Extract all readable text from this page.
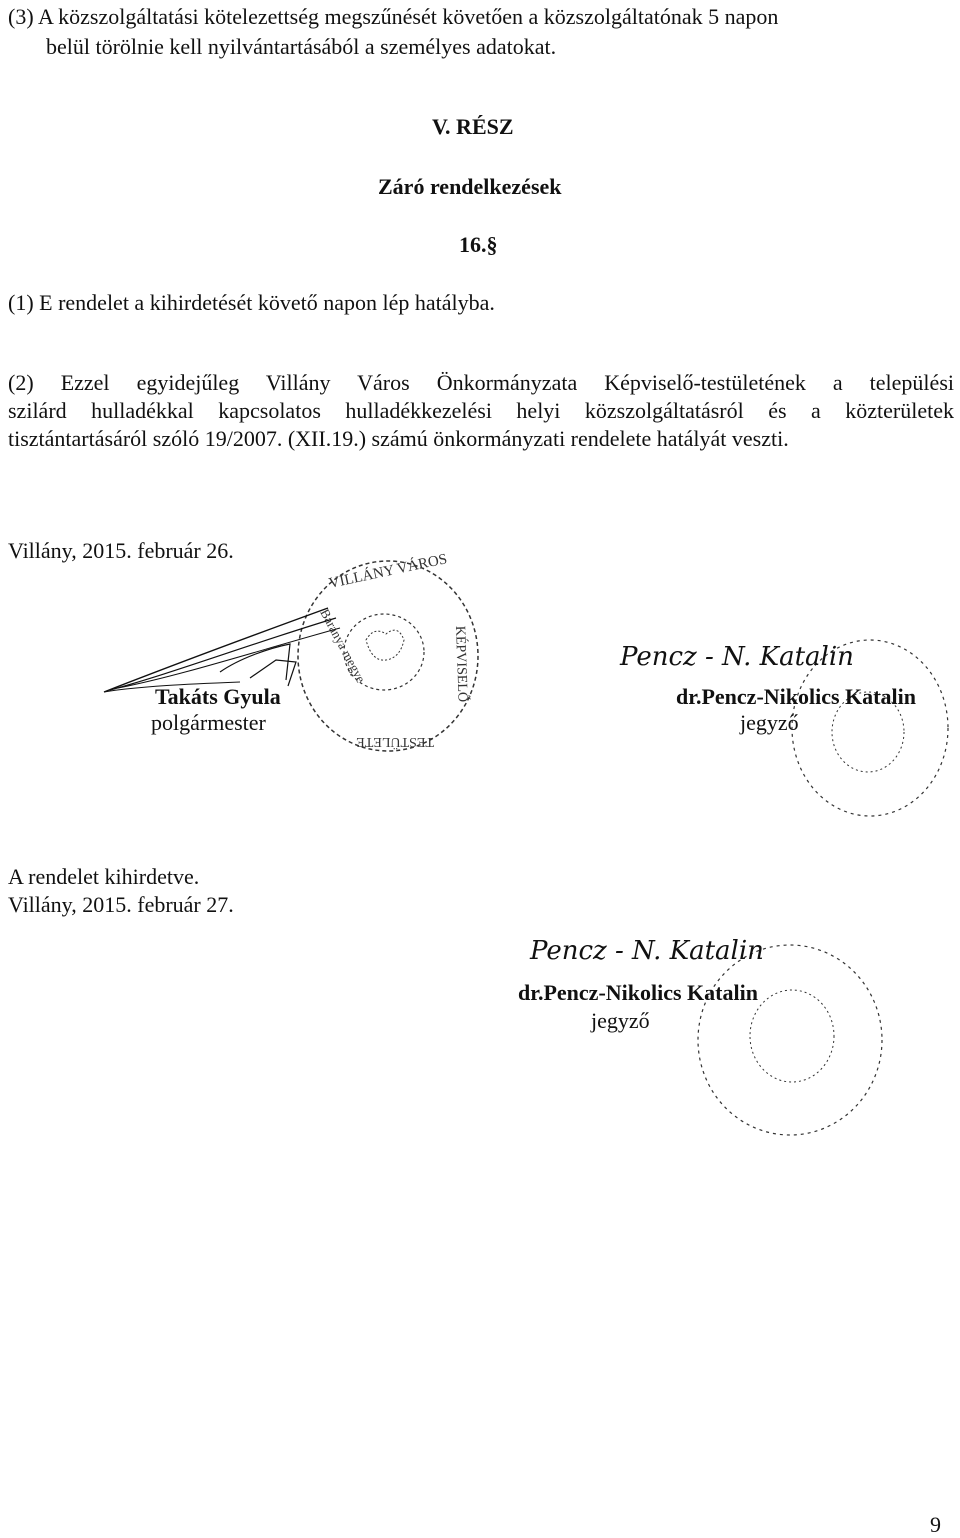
(3) A közszolgáltatási kötelezettség megszűnését követően a közszolgáltatónak 5 napon
belül törölnie kell nyilvántartásából a személyes adatokat.
V. RÉSZ
Záró rendelkezések
16.§
(1) E rendelet a kihirdetését követő napon lép hatályba.
(2) Ezzel egyidejűleg Villány Város Önkormányzata Képviselő-testületének a települési
szilárd hulladékkal kapcsolatos hulladékkezelési helyi közszolgáltatásról és a közterületek
tisztántartásáról szóló 19/2007. (XII.19.) számú önkormányzati rendelete hatályát veszti.
Villány, 2015. február 26.
VILLÁNY VÁROS
KÉPVISELŐ
TESTÜLETE
Baranya megye
Takáts Gyula
polgármester
Pencz - N. Katalin
dr.Pencz-Nikolics Katalin
jegyző
A rendelet kihirdetve.
Villány, 2015. február 27.
Pencz - N. Katalin
dr.Pencz-Nikolics Katalin
jegyző
9
